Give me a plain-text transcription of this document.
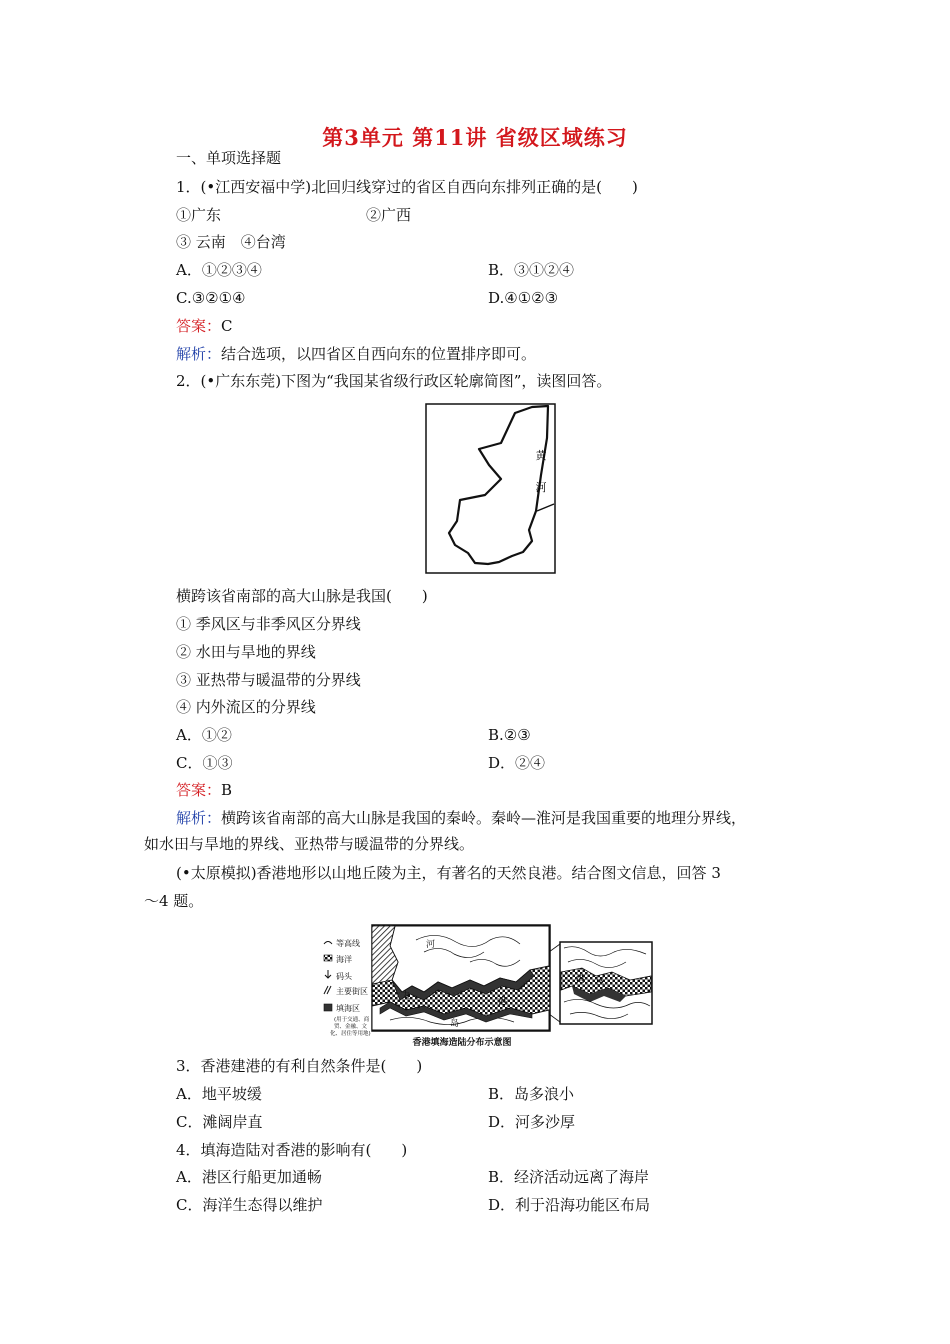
第3单元 第11讲 省级区域练习
一、单项选择题
1．(•江西安福中学)北回归线穿过的省区自西向东排列正确的是(　　)
①广东	②广西
③ 云南　④台湾
A．①②③④	B．③①②④
C.③②①④	D.④①②③
答案：C
解析：结合选项，以四省区自西向东的位置排序即可。
2．(•广东东莞)下图为“我国某省级行政区轮廓简图”，读图回答。
黄
河
横跨该省南部的高大山脉是我国(　　)
① 季风区与非季风区分界线
② 水田与旱地的界线
③ 亚热带与暖温带的分界线
④ 内外流区的分界线
A．①②	B.②③
C．①③	D．②④
答案：B
解析：横跨该省南部的高大山脉是我国的秦岭。秦岭—淮河是我国重要的地理分界线，
如水田与旱地的界线、亚热带与暖温带的分界线。
(•太原模拟)香港地形以山地丘陵为主，有著名的天然良港。结合图文信息，回答 3
～4 题。
等高线
海洋
码头
主要街区
填海区
(用于交通、商
贸、金融、文
化、居住等用地)
河
九
港
岛
港 区
香港填海造陆分布示意图
3．香港建港的有利自然条件是(　　)
A．地平坡缓	B．岛多浪小
C．滩阔岸直	D．河多沙厚
4．填海造陆对香港的影响有(　　)
A．港区行船更加通畅	B．经济活动远离了海岸
C．海洋生态得以维护	D．利于沿海功能区布局
